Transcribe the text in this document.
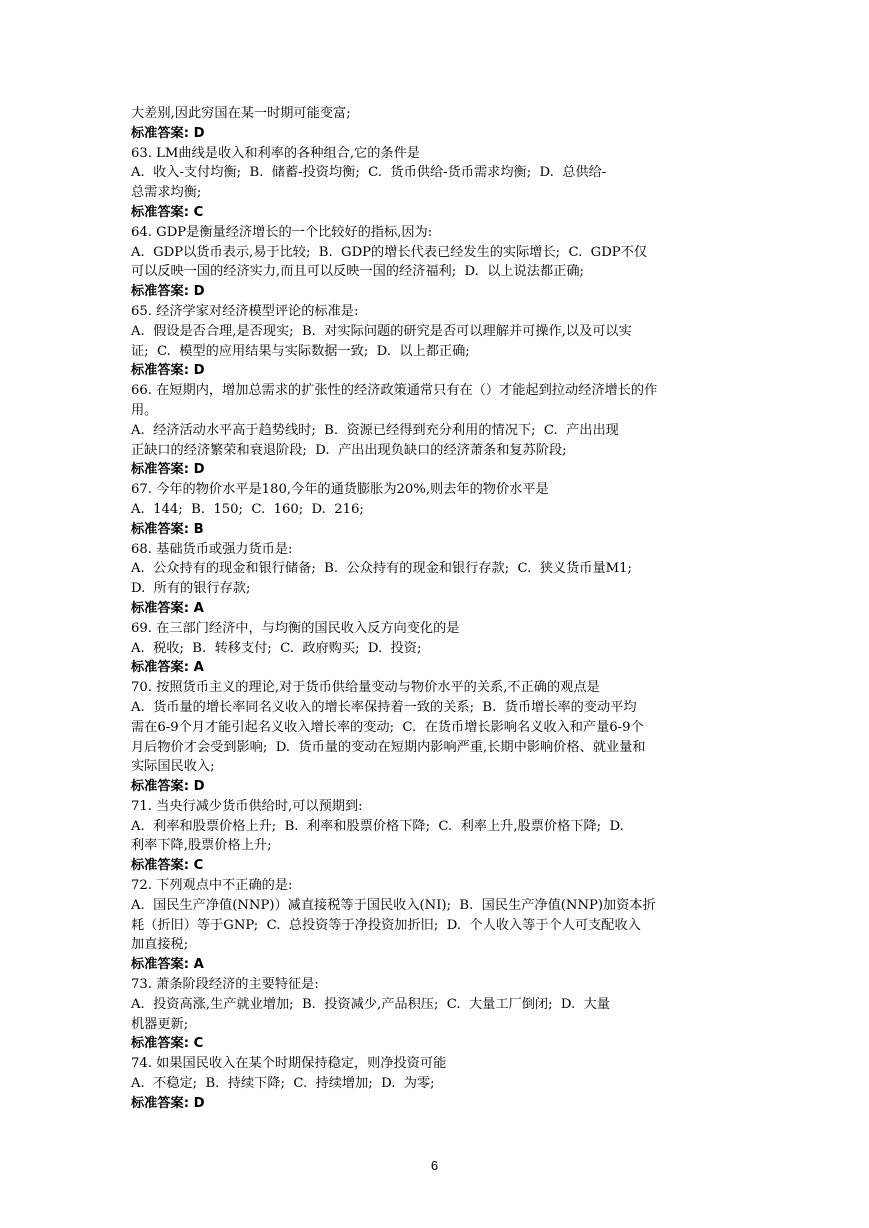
大差别,因此穷国在某一时期可能变富;
标准答案: D
63. LM曲线是收入和利率的各种组合,它的条件是
A.  收入-支付均衡;  B.  储蓄-投资均衡;  C.  货币供给-货币需求均衡;  D.  总供给-
总需求均衡;
标准答案: C
64. GDP是衡量经济增长的一个比较好的指标,因为:
A.  GDP以货币表示,易于比较;  B.  GDP的增长代表已经发生的实际增长;  C.  GDP不仅
可以反映一国的经济实力,而且可以反映一国的经济福利;  D.  以上说法都正确;
标准答案: D
65. 经济学家对经济模型评论的标准是:
A.  假设是否合理,是否现实;  B.  对实际问题的研究是否可以理解并可操作,以及可以实
证;  C.  模型的应用结果与实际数据一致;  D.  以上都正确;
标准答案: D
66. 在短期内，增加总需求的扩张性的经济政策通常只有在（）才能起到拉动经济增长的作
用。
A.  经济活动水平高于趋势线时;  B.  资源已经得到充分利用的情况下;  C.  产出出现
正缺口的经济繁荣和衰退阶段;  D.  产出出现负缺口的经济萧条和复苏阶段;
标准答案: D
67. 今年的物价水平是180,今年的通货膨胀为20%,则去年的物价水平是
A.  144;  B.  150;  C.  160;  D.  216;
标准答案: B
68. 基础货币或强力货币是:
A.  公众持有的现金和银行储备;  B.  公众持有的现金和银行存款;  C.  狭义货币量M1;
D.  所有的银行存款;
标准答案: A
69. 在三部门经济中，与均衡的国民收入反方向变化的是
A.  税收;  B.  转移支付;  C.  政府购买;  D.  投资;
标准答案: A
70. 按照货币主义的理论,对于货币供给量变动与物价水平的关系,不正确的观点是
A.  货币量的增长率同名义收入的增长率保持着一致的关系;  B.  货币增长率的变动平均
需在6-9个月才能引起名义收入增长率的变动;  C.  在货币增长影响名义收入和产量6-9个
月后物价才会受到影响;  D.  货币量的变动在短期内影响严重,长期中影响价格、就业量和
实际国民收入;
标准答案: D
71. 当央行减少货币供给时,可以预期到:
A.  利率和股票价格上升;  B.  利率和股票价格下降;  C.  利率上升,股票价格下降;  D.
利率下降,股票价格上升;
标准答案: C
72. 下列观点中不正确的是:
A.  国民生产净值(NNP)）减直接税等于国民收入(NI);  B.  国民生产净值(NNP)加资本折
耗（折旧）等于GNP;  C.  总投资等于净投资加折旧;  D.  个人收入等于个人可支配收入
加直接税;
标准答案: A
73. 萧条阶段经济的主要特征是:
A.  投资高涨,生产就业增加;  B.  投资减少,产品积压;  C.  大量工厂倒闭;  D.  大量
机器更新;
标准答案: C
74. 如果国民收入在某个时期保持稳定，则净投资可能
A.  不稳定;  B.  持续下降;  C.  持续增加;  D.  为零;
标准答案: D
6
